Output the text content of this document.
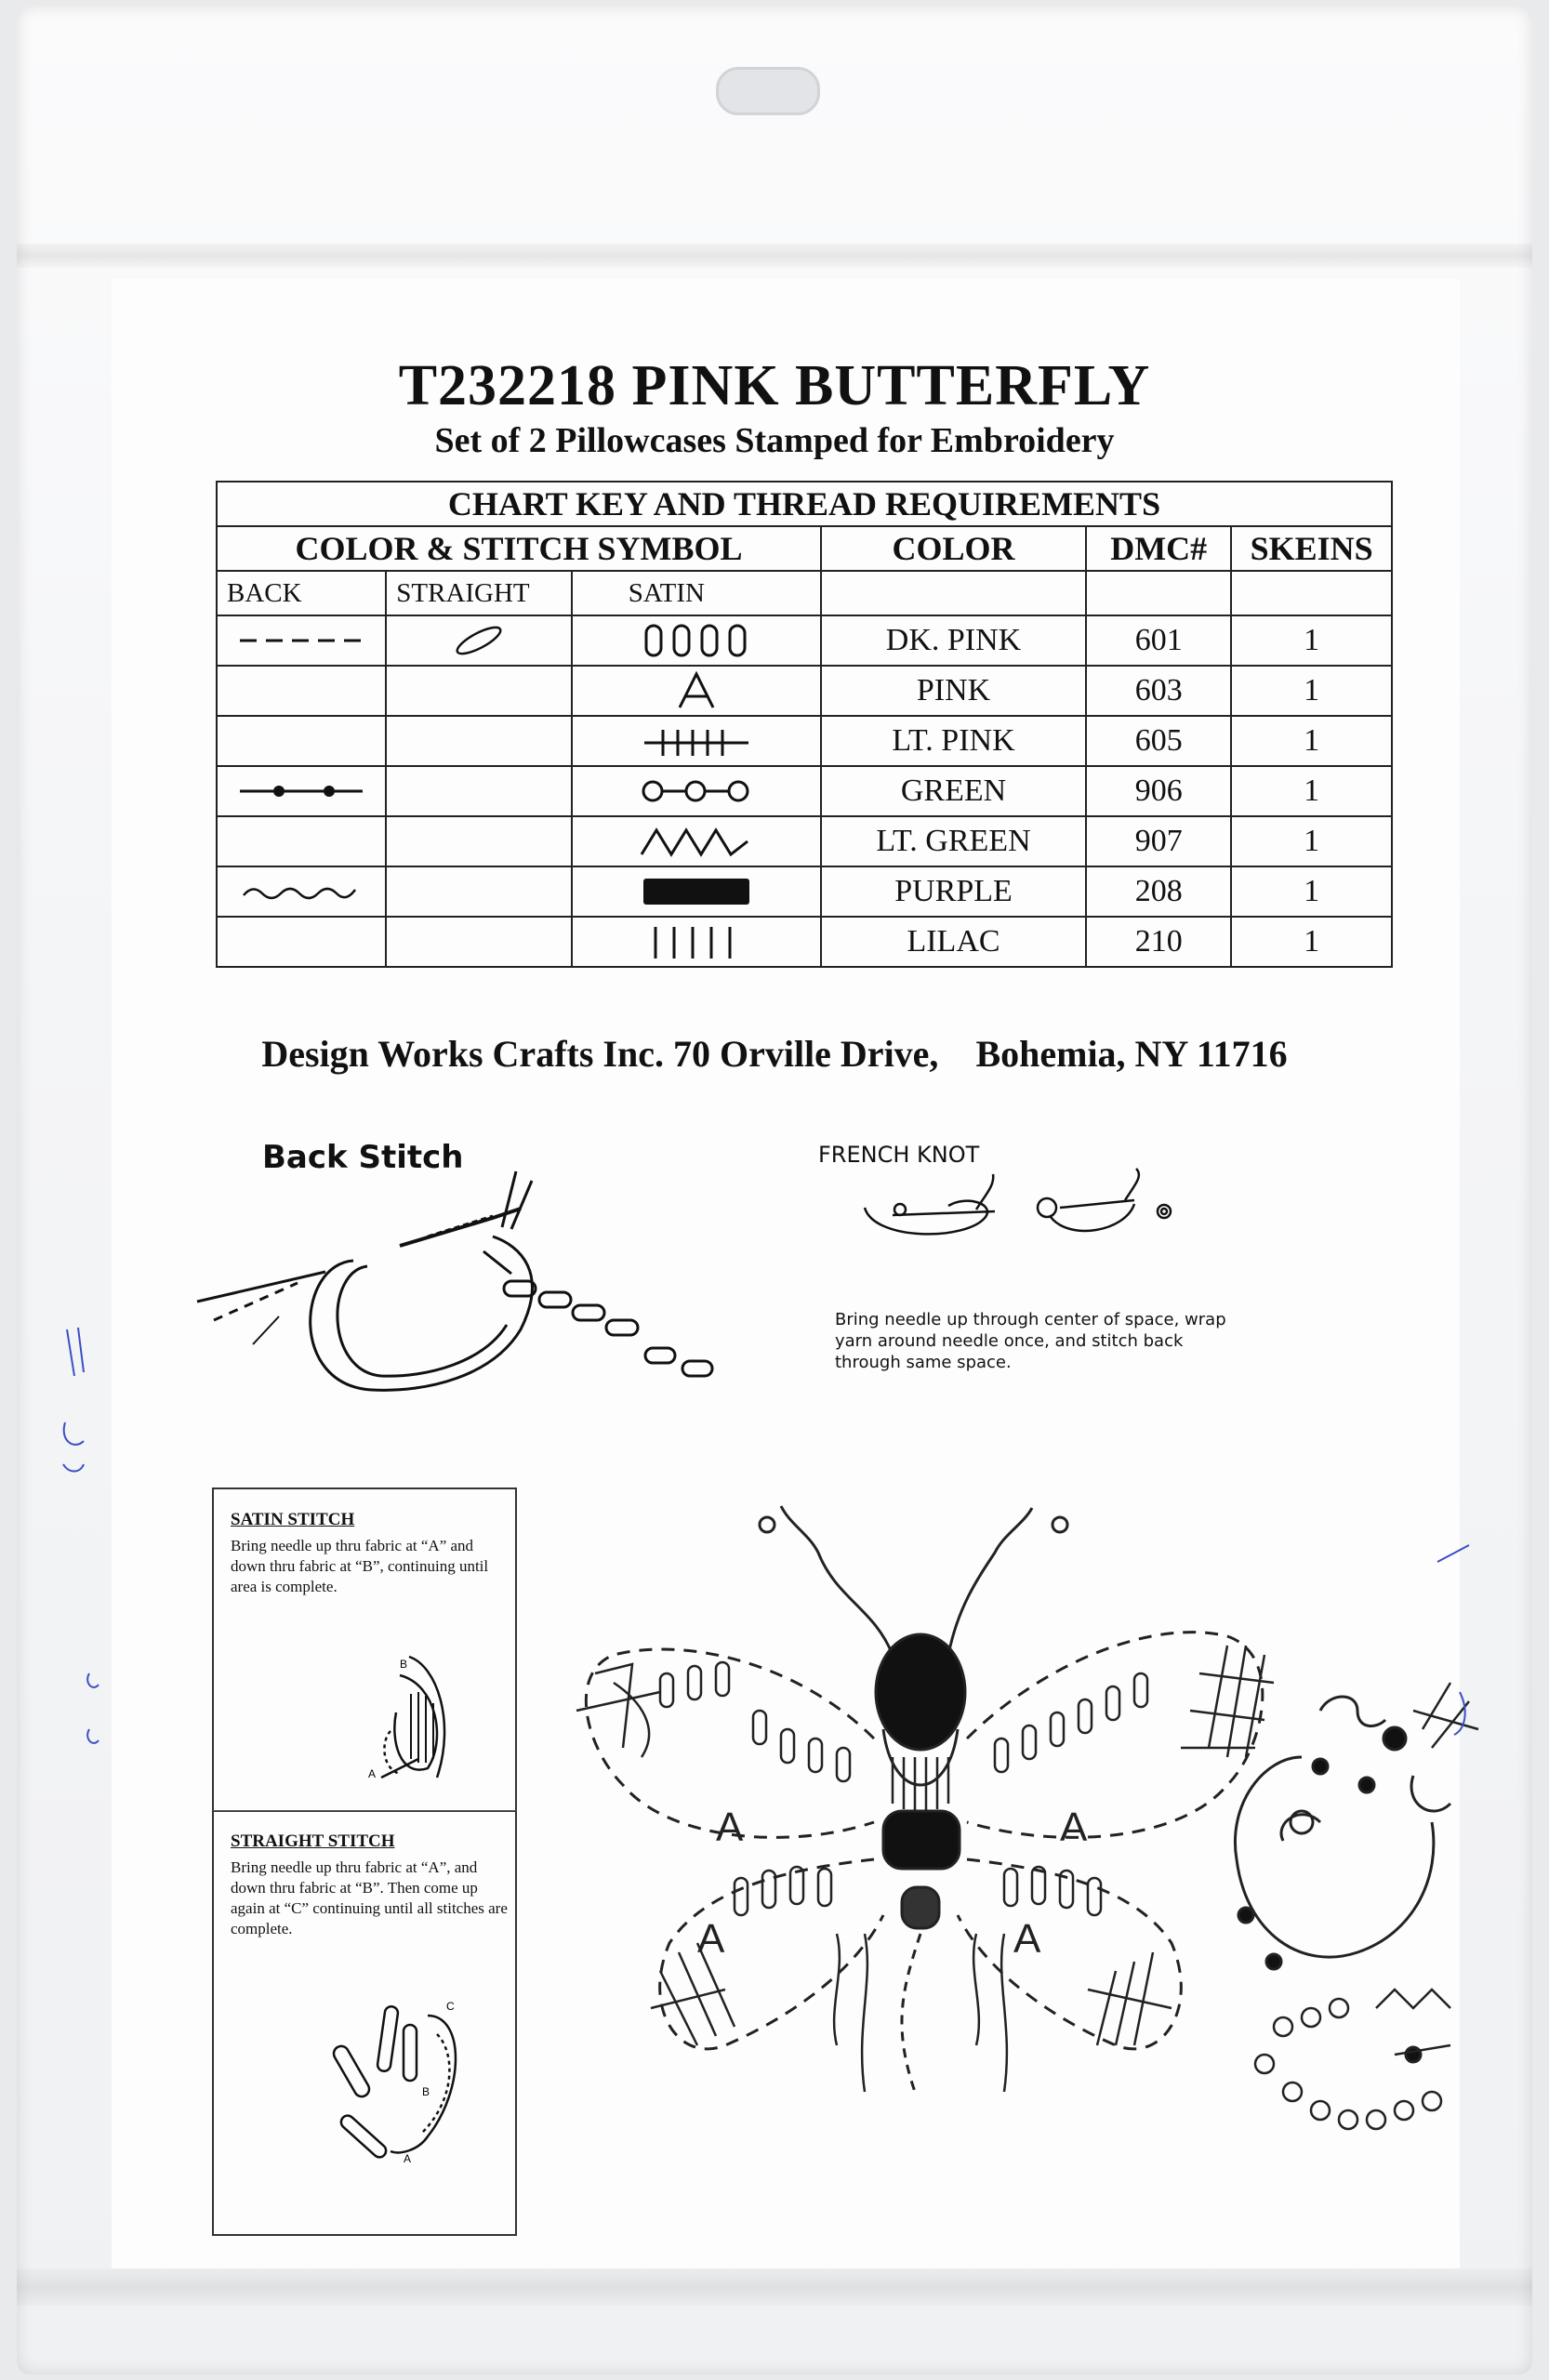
T232218 PINK BUTTERFLY
Set of 2 Pillowcases Stamped for Embroidery
CHART KEY AND THREAD REQUIREMENTS					
COLOR & STITCH SYMBOL			COLOR	DMC#	SKEINS
BACK	STRAIGHT	SATIN			

	DK. PINK	601	1

	PINK	603	1

	LT. PINK	605	1

	GREEN	906	1

	LT. GREEN	907	1

	PURPLE	208	1

	LILAC	210	1
Design Works Crafts Inc. 70 Orville Drive, Bohemia, NY 11716
Back Stitch	FRENCH KNOT
Bring needle up through center of space, wrap yarn around needle once, and stitch back through same space.
SATIN STITCH
Bring needle up thru fabric at “A” and down thru fabric at “B”, continuing until area is complete.
B
A
STRAIGHT STITCH
Bring needle up thru fabric at “A”, and down thru fabric at “B”. Then come up again at “C” continuing until all stitches are complete.
C
B
A
A	A
A	A
